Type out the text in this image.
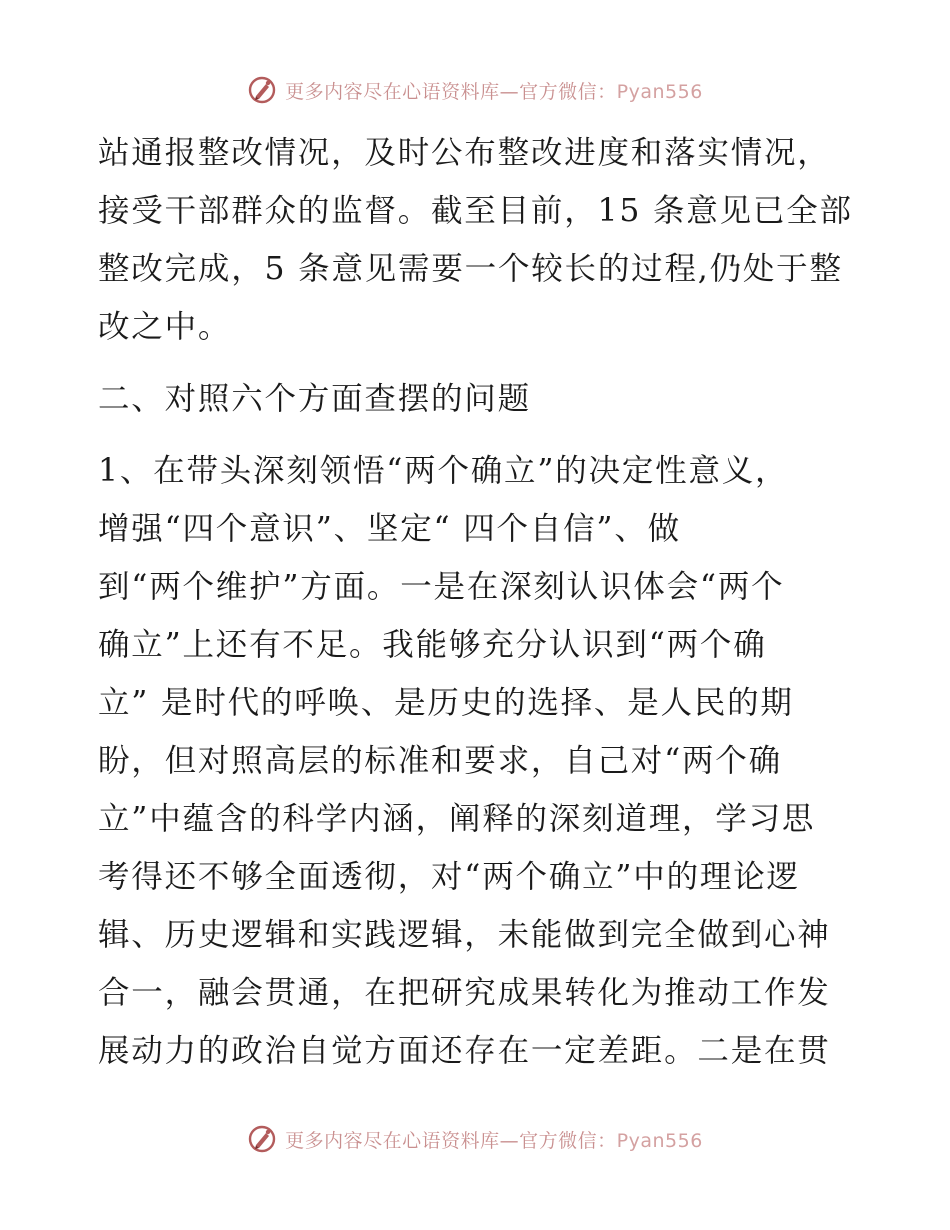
更多内容尽在心语资料库—官方微信：Pyan556
站通报整改情况，及时公布整改进度和落实情况，
接受干部群众的监督。截至目前，15 条意见已全部
整改完成，5 条意见需要一个较长的过程,仍处于整
改之中。
二、对照六个方面查摆的问题
1、在带头深刻领悟“两个确立”的决定性意义，
增强“四个意识”、坚定“ 四个自信”、做
到“两个维护”方面。一是在深刻认识体会“两个
确立”上还有不足。我能够充分认识到“两个确
立” 是时代的呼唤、是历史的选择、是人民的期
盼，但对照高层的标准和要求，自己对“两个确
立”中蕴含的科学内涵，阐释的深刻道理，学习思
考得还不够全面透彻，对“两个确立”中的理论逻
辑、历史逻辑和实践逻辑，未能做到完全做到心神
合一，融会贯通，在把研究成果转化为推动工作发
展动力的政治自觉方面还存在一定差距。二是在贯
更多内容尽在心语资料库—官方微信：Pyan556
